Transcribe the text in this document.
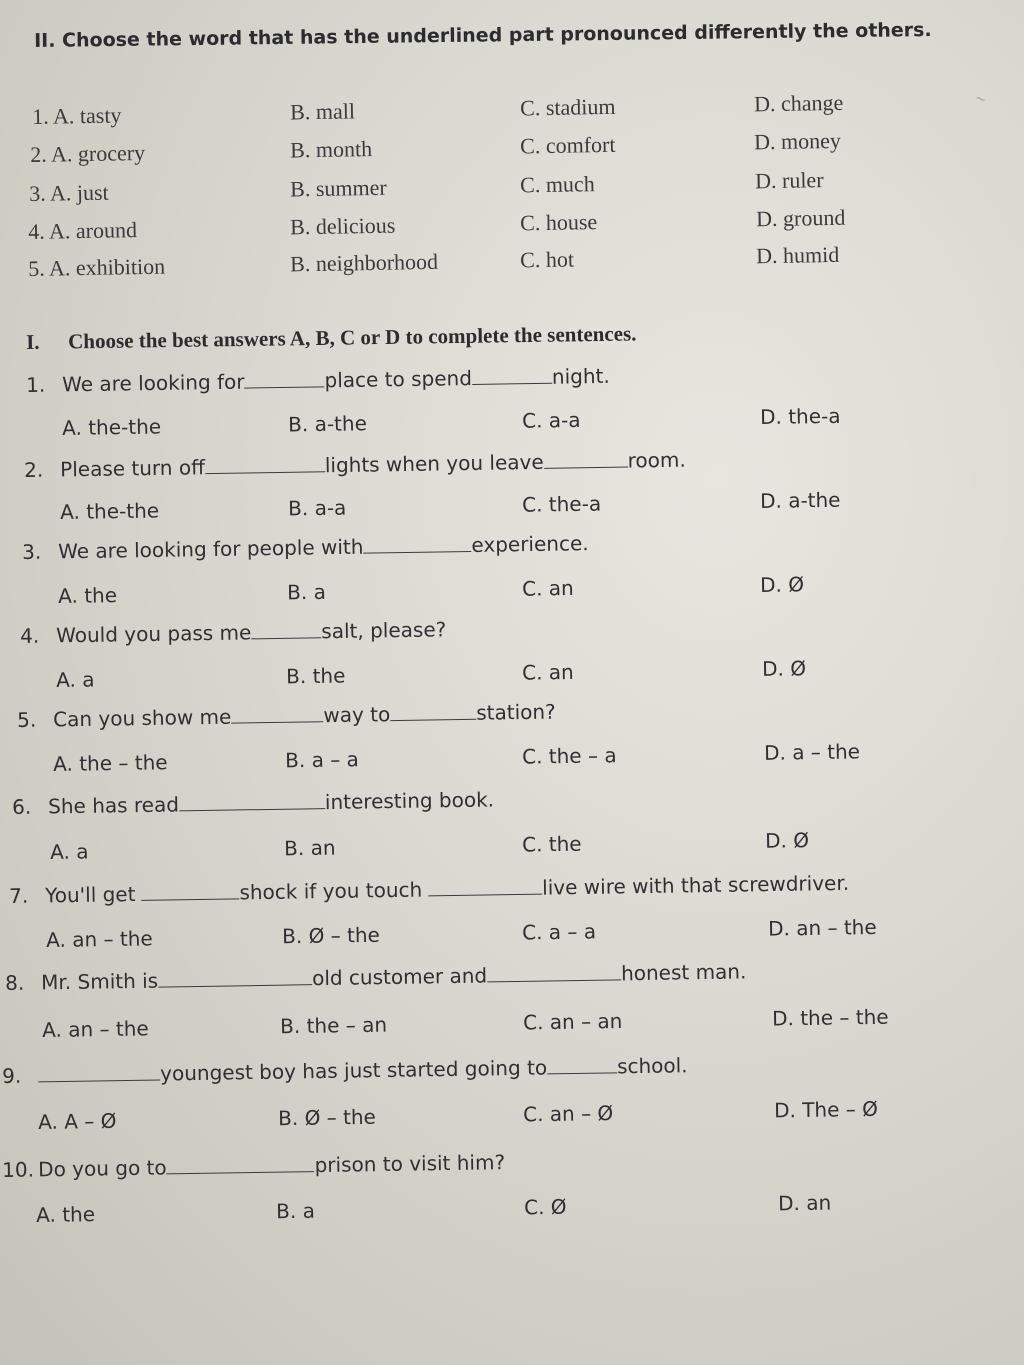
II. Choose the word that has the underlined part pronounced differently the others.
1. A. tasty	B. mall	C. stadium	D. change
2. A. grocery	B. month	C. comfort	D. money
3. A. just	B. summer	C. much	D. ruler
4. A. around	B. delicious	C. house	D. ground
5. A. exhibition	B. neighborhood	C. hot	D. humid
I. Choose the best answers A, B, C or D to complete the sentences.
1. We are looking for	place to spend	night.
A. the-the	B. a-the	C. a-a	D. the-a
2. Please turn off	lights when you leave	room.
A. the-the	B. a-a	C. the-a	D. a-the
3. We are looking for people with	experience.
A. the	B. a	C. an	D. Ø
4. Would you pass me	salt, please?
A. a	B. the	C. an	D. Ø
5. Can you show me	way to	station?
A. the – the	B. a – a	C. the – a	D. a – the
6. She has read	interesting book.
A. a	B. an	C. the	D. Ø
7. You'll get	shock if you touch	live wire with that screwdriver.
A. an – the	B. Ø – the	C. a – a	D. an – the
8. Mr. Smith is	old customer and	honest man.
A. an – the	B. the – an	C. an – an	D. the – the
9.	youngest boy has just started going to	school.
A. A – Ø	B. Ø – the	C. an – Ø	D. The – Ø
10. Do you go to	prison to visit him?
A. the	B. a	C. Ø	D. an
~
